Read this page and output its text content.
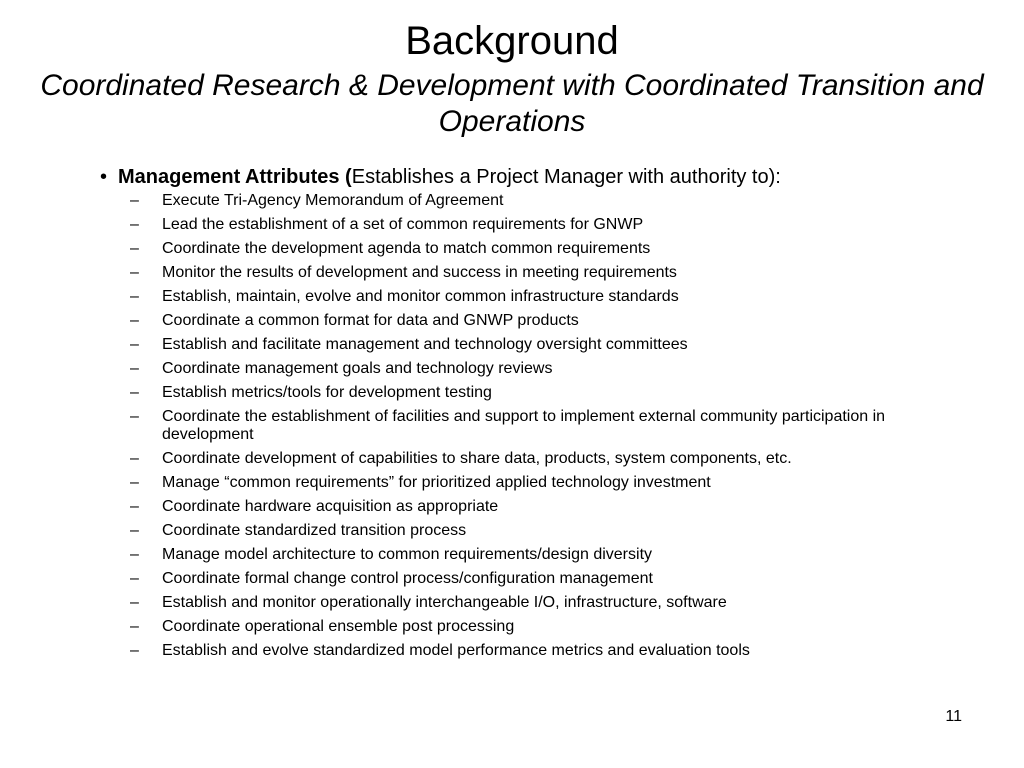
Background
Coordinated Research & Development with Coordinated Transition and Operations
• Management Attributes (Establishes a Project Manager with authority to):
–	Execute Tri-Agency Memorandum of Agreement
–	Lead the establishment of a set of common requirements for GNWP
–	Coordinate the development agenda to match common requirements
–	Monitor the results of development and success in meeting requirements
–	Establish, maintain, evolve and monitor common infrastructure standards
–	Coordinate a common format for data and GNWP products
–	Establish and facilitate management and technology oversight committees
–	Coordinate management goals and technology reviews
–	Establish metrics/tools for development testing
–	Coordinate the establishment of facilities and support to implement external community participation in development
–	Coordinate development of capabilities to share data, products, system components, etc.
–	Manage “common requirements” for prioritized applied technology investment
–	Coordinate hardware acquisition as appropriate
–	Coordinate standardized transition process
–	Manage model architecture to common requirements/design diversity
–	Coordinate formal change control process/configuration management
–	Establish and monitor operationally interchangeable I/O, infrastructure, software
–	Coordinate operational ensemble post processing
–	Establish and evolve standardized model performance metrics and evaluation tools
11
